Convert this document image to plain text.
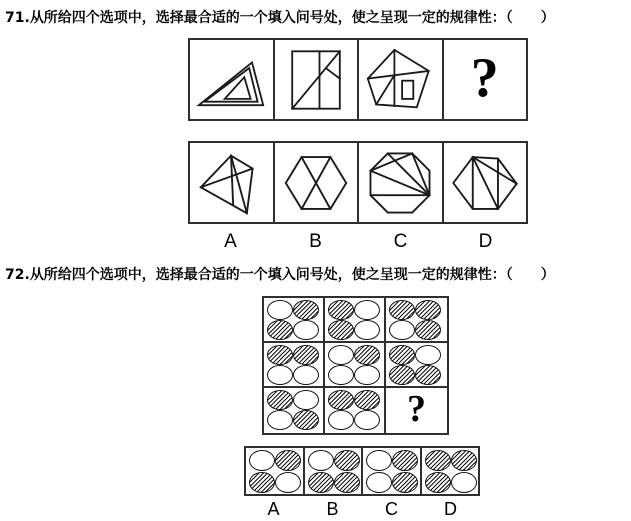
71.从所给四个选项中，选择最合适的一个填入问号处，使之呈现一定的规律性：（　　）
?
A	B	C	D
72.从所给四个选项中，选择最合适的一个填入问号处，使之呈现一定的规律性：（　　）
?
A	B	C	D
